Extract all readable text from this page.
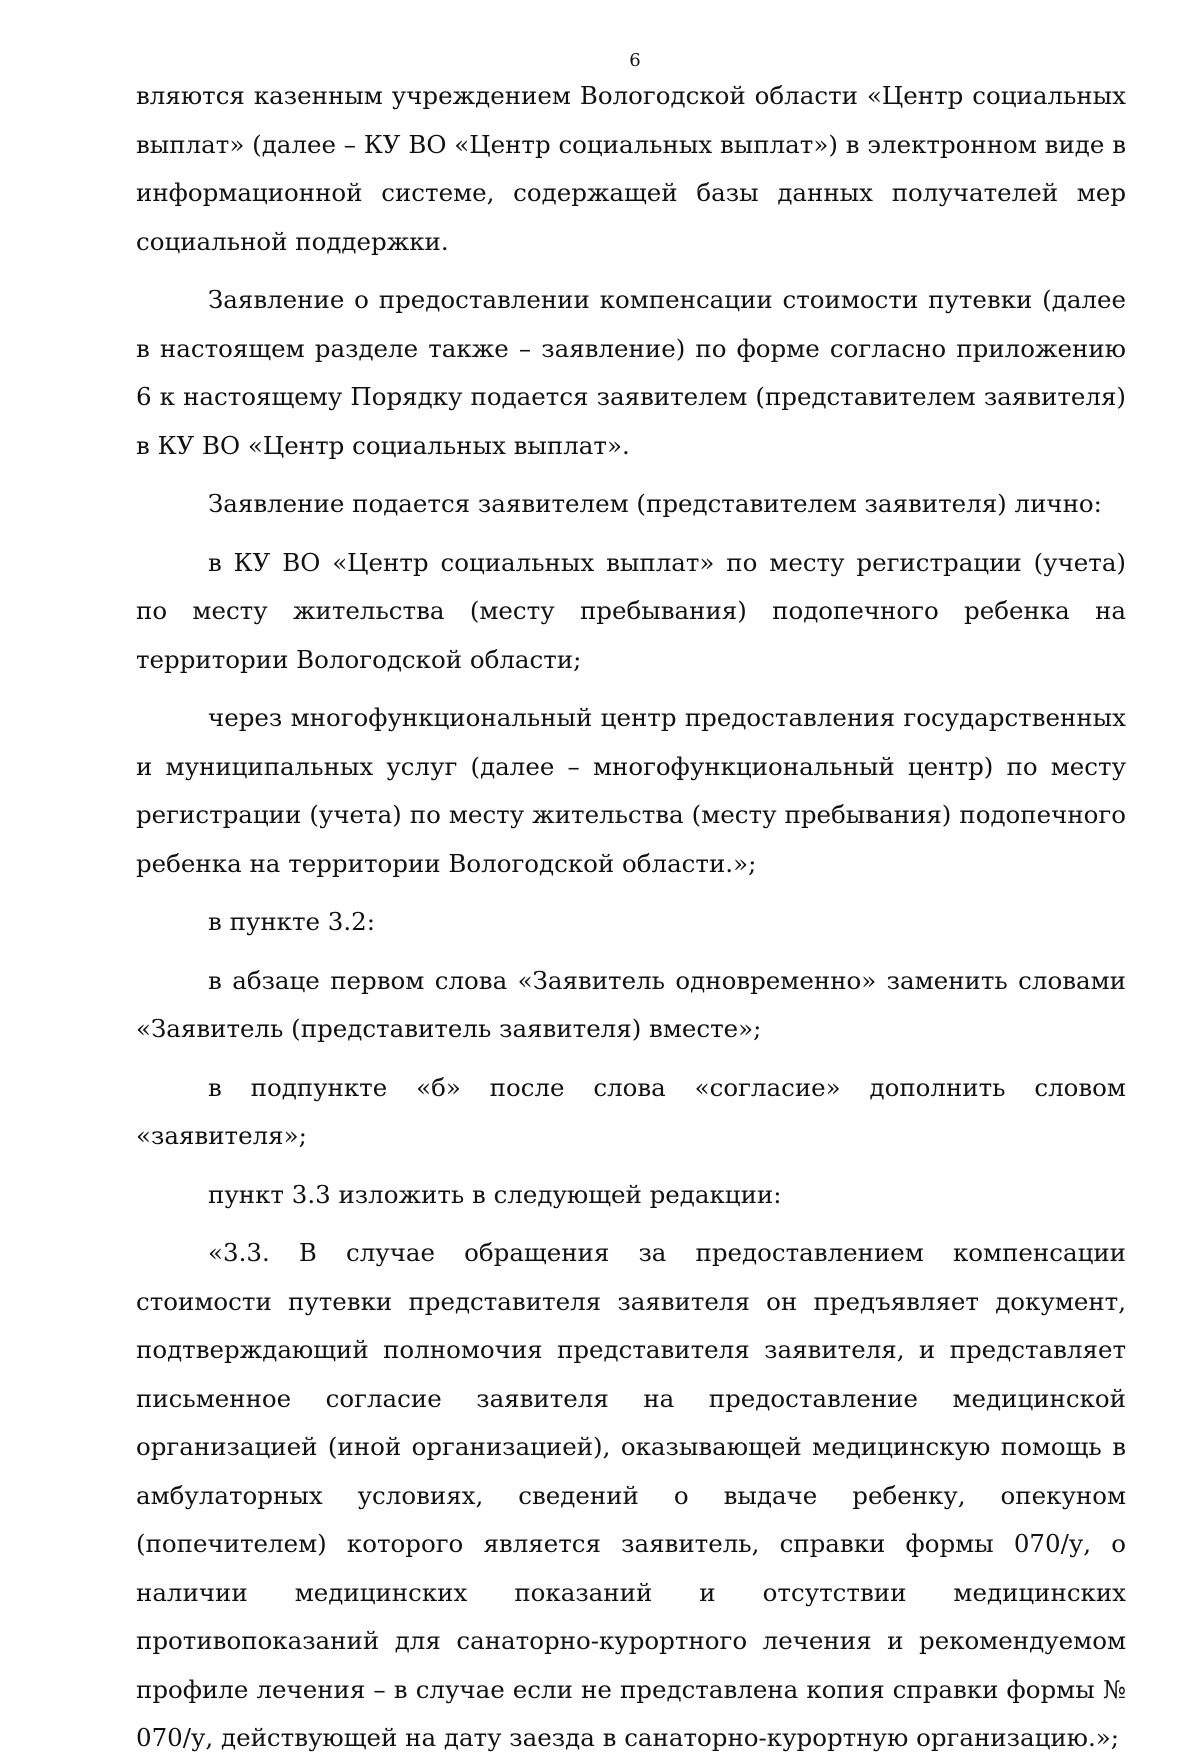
6

вляются казенным учреждением Вологодской области «Центр социальных выплат» (далее – КУ ВО «Центр социальных выплат») в электронном виде в информационной системе, содержащей базы данных получателей мер социальной поддержки.

Заявление о предоставлении компенсации стоимости путевки (далее в настоящем разделе также – заявление) по форме согласно приложению 6 к настоящему Порядку подается заявителем (представителем заявителя) в КУ ВО «Центр социальных выплат».

Заявление подается заявителем (представителем заявителя) лично:

в КУ ВО «Центр социальных выплат» по месту регистрации (учета) по месту жительства (месту пребывания) подопечного ребенка на территории Вологодской области;

через многофункциональный центр предоставления государственных и муниципальных услуг (далее – многофункциональный центр) по месту регистрации (учета) по месту жительства (месту пребывания) подопечного ребенка на территории Вологодской области.»;

в пункте 3.2:

в абзаце первом слова «Заявитель одновременно» заменить словами «Заявитель (представитель заявителя) вместе»;

в подпункте «б» после слова «согласие» дополнить словом «заявителя»;

пункт 3.3 изложить в следующей редакции:

«3.3. В случае обращения за предоставлением компенсации стоимости путевки представителя заявителя он предъявляет документ, подтверждающий полномочия представителя заявителя, и представляет письменное согласие заявителя на предоставление медицинской организацией (иной организацией), оказывающей медицинскую помощь в амбулаторных условиях, сведений о выдаче ребенку, опекуном (попечителем) которого является заявитель, справки формы 070/у, о наличии медицинских показаний и отсутствии медицинских противопоказаний для санаторно-курортного лечения и рекомендуемом профиле лечения – в случае если не представлена копия справки формы № 070/у, действующей на дату заезда в санаторно-курортную организацию.»;
